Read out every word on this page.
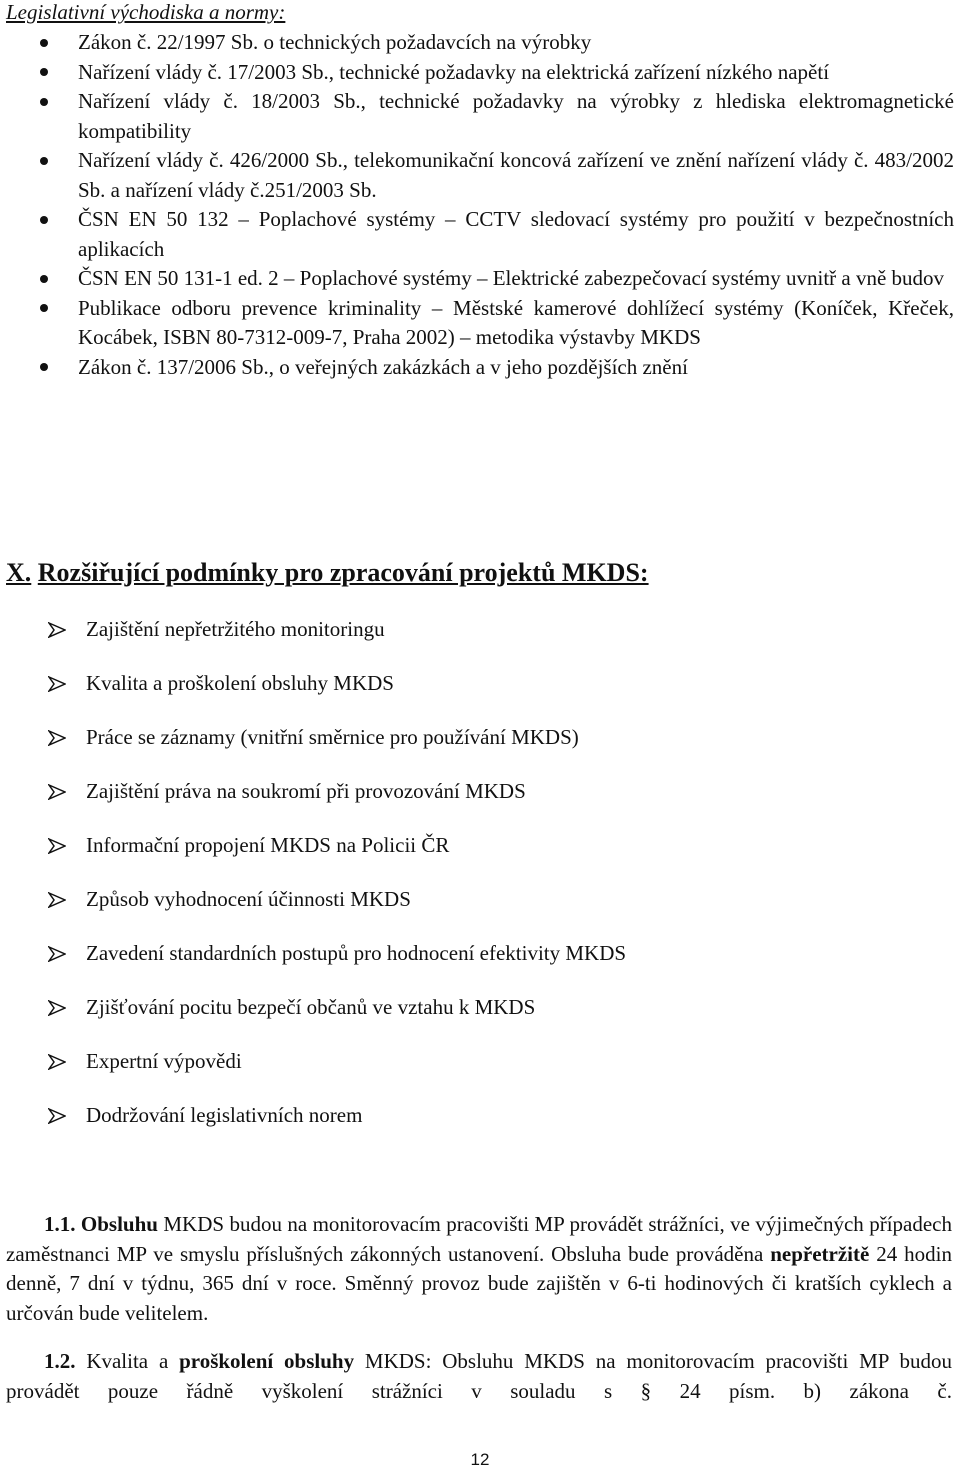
Legislativní východiska a normy:
Zákon č. 22/1997 Sb. o technických požadavcích na výrobky
Nařízení vlády č. 17/2003 Sb., technické požadavky na elektrická zařízení nízkého napětí
Nařízení vlády č. 18/2003 Sb., technické požadavky na výrobky z hlediska elektromagnetické kompatibility
Nařízení vlády č. 426/2000 Sb., telekomunikační koncová zařízení ve znění nařízení vlády č. 483/2002 Sb. a nařízení vlády č.251/2003 Sb.
ČSN EN 50 132 – Poplachové systémy – CCTV sledovací systémy pro použití v bezpečnostních aplikacích
ČSN EN 50 131-1 ed. 2 – Poplachové systémy – Elektrické zabezpečovací systémy uvnitř a vně budov
Publikace odboru prevence kriminality – Městské kamerové dohlížecí systémy (Koníček, Křeček, Kocábek, ISBN 80-7312-009-7, Praha 2002) – metodika výstavby MKDS
Zákon č. 137/2006 Sb., o veřejných zakázkách a v jeho pozdějších znění
X. Rozšiřující podmínky pro zpracování projektů MKDS:
Zajištění nepřetržitého monitoringu
Kvalita a proškolení obsluhy MKDS
Práce se záznamy (vnitřní směrnice pro používání MKDS)
Zajištění práva na soukromí při provozování MKDS
Informační propojení MKDS na Policii ČR
Způsob vyhodnocení účinnosti MKDS
Zavedení standardních postupů pro hodnocení efektivity MKDS
Zjišťování pocitu bezpečí občanů ve vztahu k MKDS
Expertní výpovědi
Dodržování legislativních norem

1.1. Obsluhu MKDS budou na monitorovacím pracovišti MP provádět strážníci, ve výjimečných případech zaměstnanci MP ve smyslu příslušných zákonných ustanovení. Obsluha bude prováděna nepřetržitě 24 hodin denně, 7 dní v týdnu, 365 dní v roce. Směnný provoz bude zajištěn v 6-ti hodinových či kratších cyklech a určován bude velitelem.

1.2. Kvalita a proškolení obsluhy MKDS: Obsluhu MKDS na monitorovacím pracovišti MP budou provádět pouze řádně vyškolení strážníci v souladu s § 24 písm. b) zákona č.

12
